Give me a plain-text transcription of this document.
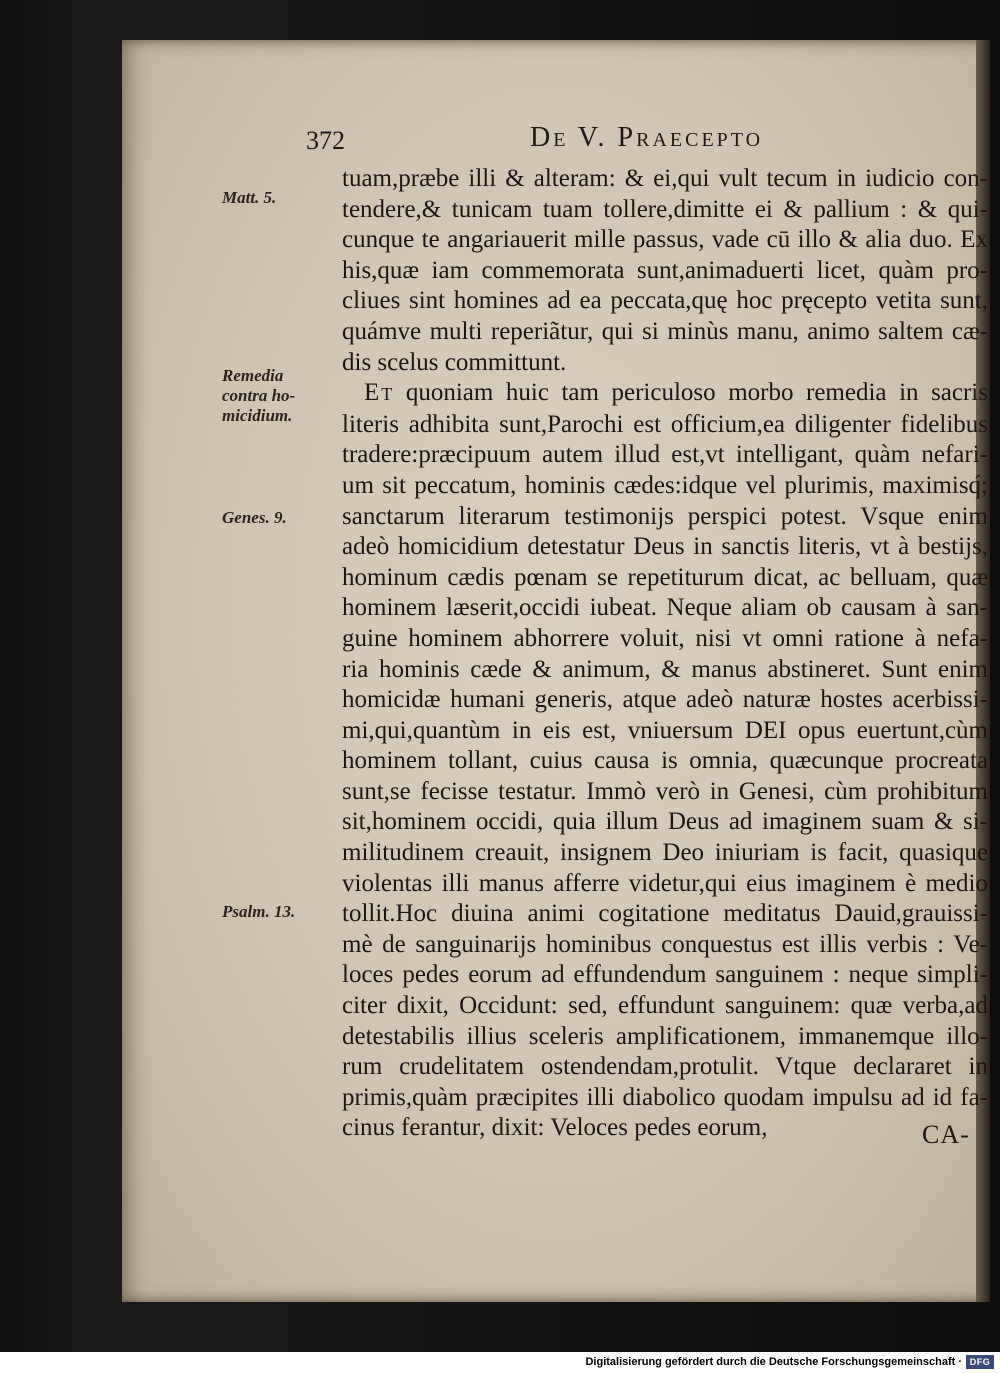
372	De V. Praecepto
Matt. 5.
Remedia contra ho- micidium.
Genes. 9.
Psalm. 13.
tuam,præbe illi & alteram: & ei,qui vult tecum in iudicio con-
tendere,& tunicam tuam tollere,dimitte ei & pallium : & qui-
cunque te angariauerit mille passus, vade cū illo & alia duo. Ex
his,quæ iam commemorata sunt,animaduerti licet, quàm pro-
cliues sint homines ad ea peccata,quę hoc pręcepto vetita sunt,
quámve multi reperiãtur, qui si minùs manu, animo saltem cæ-
dis scelus committunt.
ET quoniam huic tam periculoso morbo remedia in sacris
literis adhibita sunt,Parochi est officium,ea diligenter fidelibus
tradere:præcipuum autem illud est,vt intelligant, quàm nefari-
um sit peccatum, hominis cædes:idque vel plurimis, maximisq́;
sanctarum literarum testimonijs perspici potest. Vsque enim
adeò homicidium detestatur Deus in sanctis literis, vt à bestijs,
hominum cædis pœnam se repetiturum dicat, ac belluam, quæ
hominem læserit,occidi iubeat. Neque aliam ob causam à san-
guine hominem abhorrere voluit, nisi vt omni ratione à nefa-
ria hominis cæde & animum, & manus abstineret. Sunt enim
homicidæ humani generis, atque adeò naturæ hostes acerbissi-
mi,qui,quantùm in eis est, vniuersum DEI opus euertunt,cùm
hominem tollant, cuius causa is omnia, quæcunque procreata
sunt,se fecisse testatur. Immò verò in Genesi, cùm prohibitum
sit,hominem occidi, quia illum Deus ad imaginem suam & si-
militudinem creauit, insignem Deo iniuriam is facit, quasique
violentas illi manus afferre videtur,qui eius imaginem è medio
tollit.Hoc diuina animi cogitatione meditatus Dauid,grauissi-
mè de sanguinarijs hominibus conquestus est illis verbis : Ve-
loces pedes eorum ad effundendum sanguinem : neque simpli-
citer dixit, Occidunt: sed, effundunt sanguinem: quæ verba,ad
detestabilis illius sceleris amplificationem, immanemque illo-
rum crudelitatem ostendendam,protulit. Vtque declararet in
primis,quàm præcipites illi diabolico quodam impulsu ad id fa-
cinus ferantur, dixit: Veloces pedes eorum,	CA-
Digitalisierung gefördert durch die Deutsche Forschungsgemeinschaft · DFG
